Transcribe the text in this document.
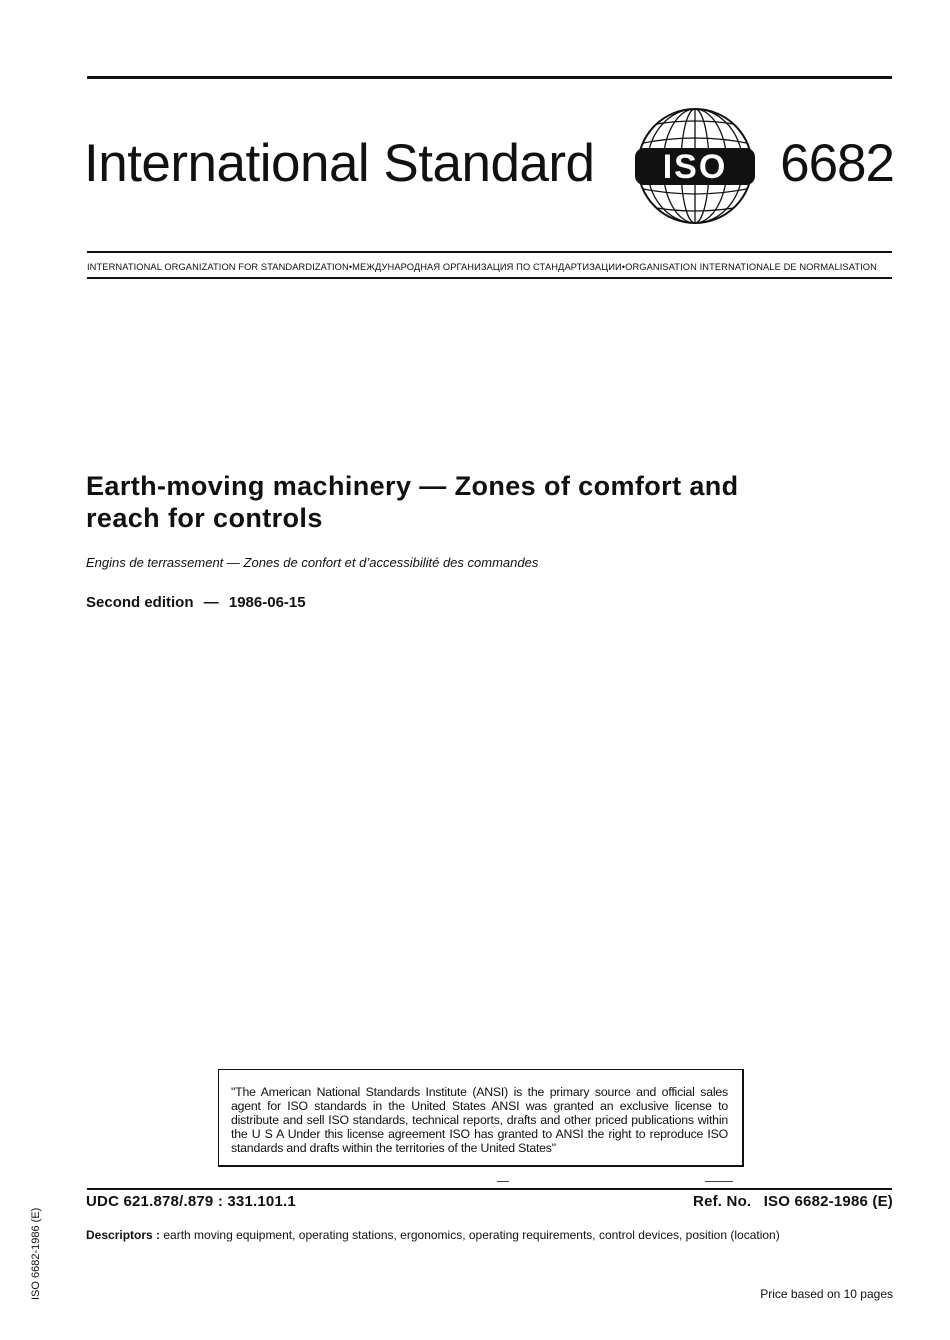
International Standard ISO 6682
INTERNATIONAL ORGANIZATION FOR STANDARDIZATION•МЕЖДУНАРОДНАЯ ОРГАНИЗАЦИЯ ПО СТАНДАРТИЗАЦИИ•ORGANISATION INTERNATIONALE DE NORMALISATION
Earth-moving machinery — Zones of comfort and reach for controls
Engins de terrassement — Zones de confort et d’accessibilité des commandes
Second edition — 1986-06-15
"The American National Standards Institute (ANSI) is the primary source and official sales agent for ISO standards in the United States ANSI was granted an exclusive license to distribute and sell ISO standards, technical reports, drafts and other priced publications within the U S A Under this license agreement ISO has granted to ANSI the right to reproduce ISO standards and drafts within the territories of the United States"
UDC 621.878/.879 : 331.101.1	Ref. No. ISO 6682-1986 (E)
Descriptors : earth moving equipment, operating stations, ergonomics, operating requirements, control devices, position (location)
Price based on 10 pages
ISO 6682-1986 (E)
